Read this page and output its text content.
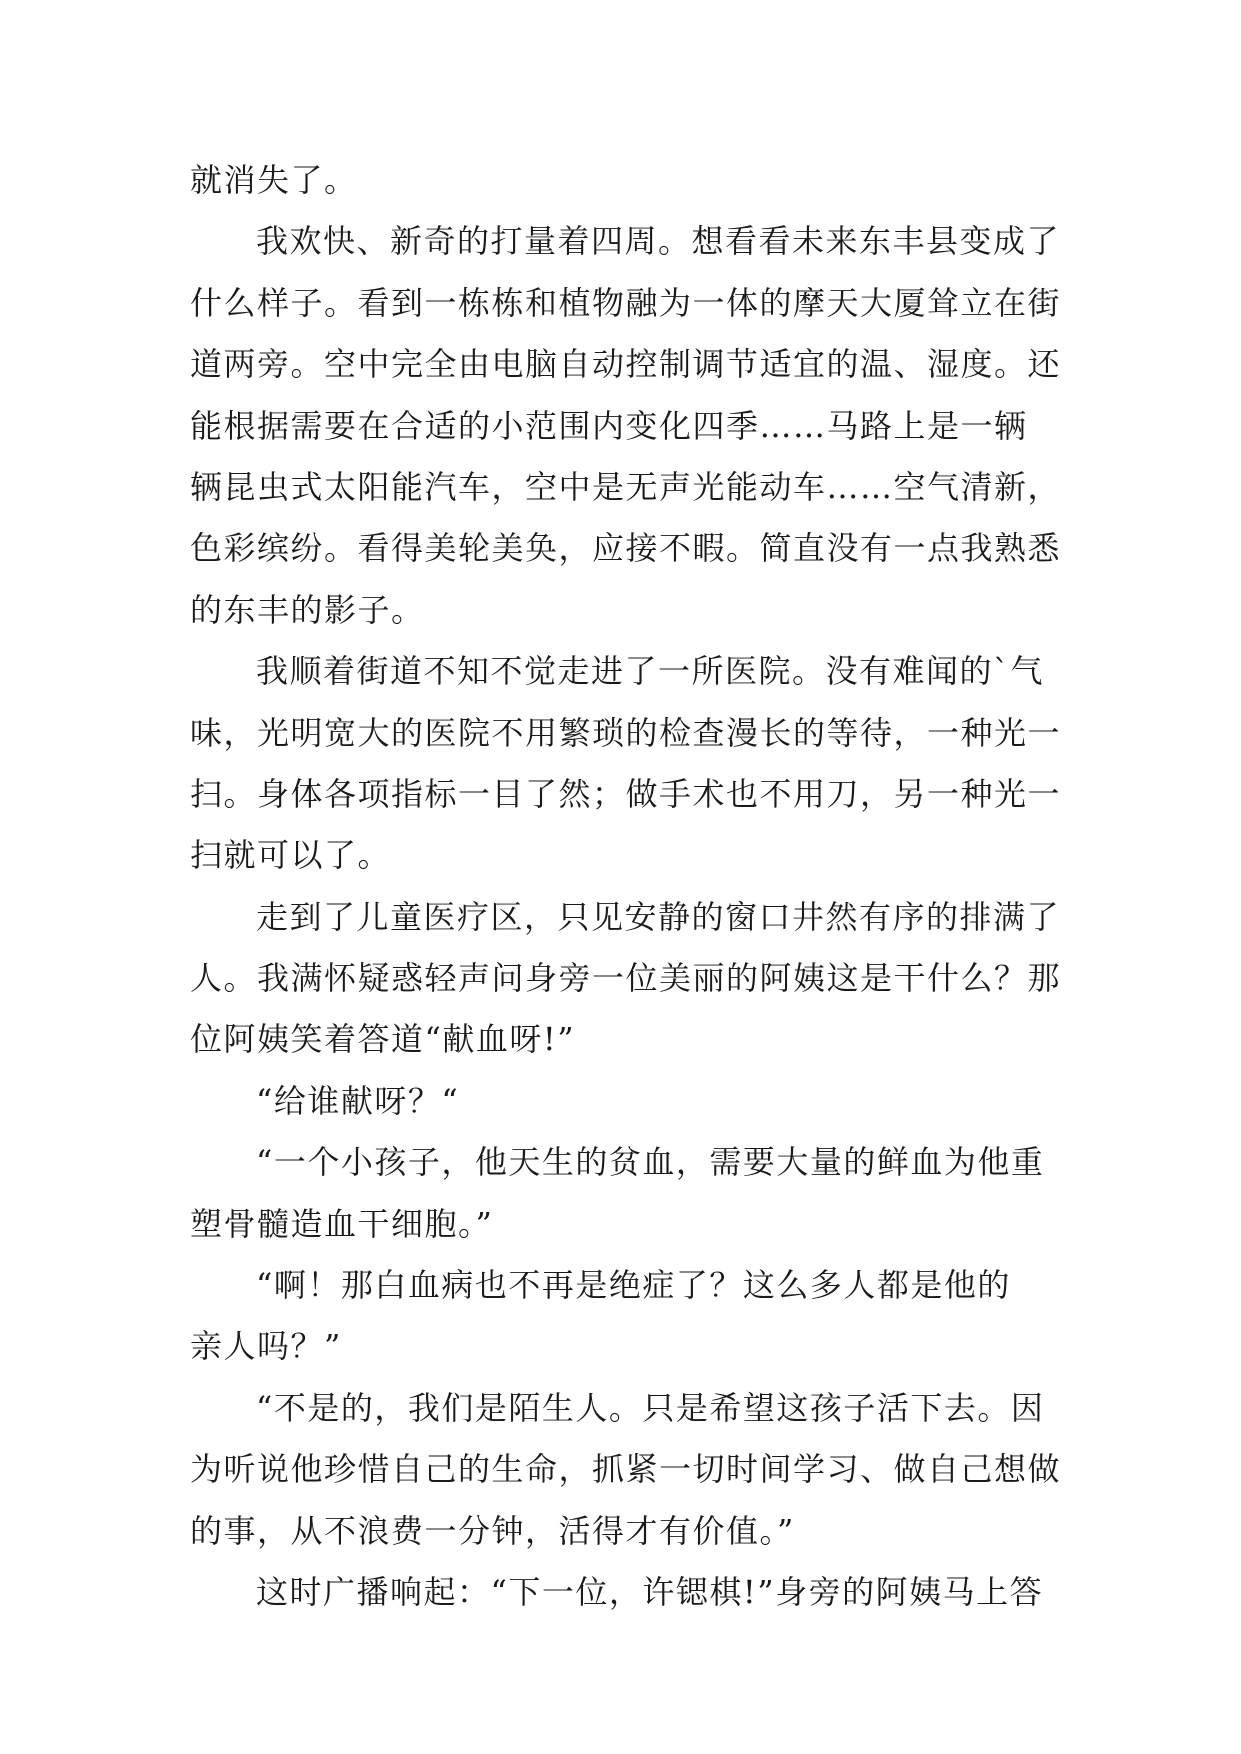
就消失了。
我欢快、新奇的打量着四周。想看看未来东丰县变成了
什么样子。看到一栋栋和植物融为一体的摩天大厦耸立在街
道两旁。空中完全由电脑自动控制调节适宜的温、湿度。还
能根据需要在合适的小范围内变化四季……马路上是一辆
辆昆虫式太阳能汽车，空中是无声光能动车……空气清新，
色彩缤纷。看得美轮美奂，应接不暇。简直没有一点我熟悉
的东丰的影子。
我顺着街道不知不觉走进了一所医院。没有难闻的`气
味，光明宽大的医院不用繁琐的检查漫长的等待，一种光一
扫。身体各项指标一目了然；做手术也不用刀，另一种光一
扫就可以了。
走到了儿童医疗区，只见安静的窗口井然有序的排满了
人。我满怀疑惑轻声问身旁一位美丽的阿姨这是干什么？那
位阿姨笑着答道“献血呀!”
“给谁献呀？“
“一个小孩子，他天生的贫血，需要大量的鲜血为他重
塑骨髓造血干细胞。”
“啊！那白血病也不再是绝症了？这么多人都是他的
亲人吗？”
“不是的，我们是陌生人。只是希望这孩子活下去。因
为听说他珍惜自己的生命，抓紧一切时间学习、做自己想做
的事，从不浪费一分钟，活得才有价值。”
这时广播响起：“下一位，许锶棋!”身旁的阿姨马上答
